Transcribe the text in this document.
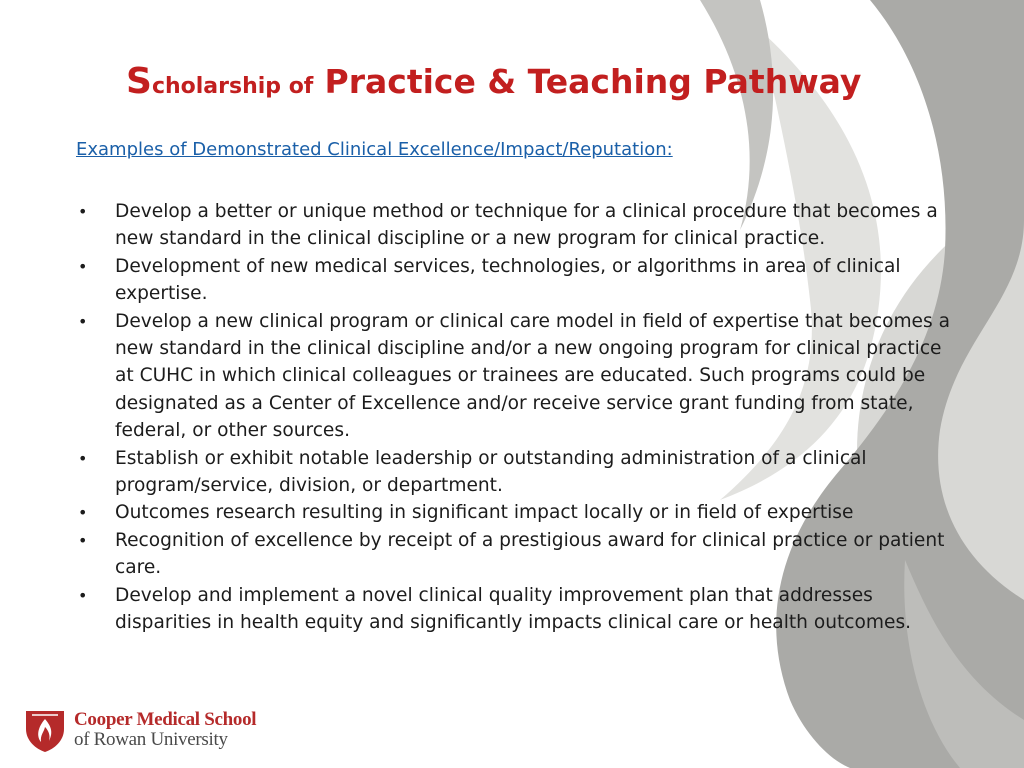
Scholarship of Practice & Teaching Pathway

Examples of Demonstrated Clinical Excellence/Impact/Reputation:

• Develop a better or unique method or technique for a clinical procedure that becomes a new standard in the clinical discipline or a new program for clinical practice.
• Development of new medical services, technologies, or algorithms in area of clinical expertise.
• Develop a new clinical program or clinical care model in field of expertise that becomes a new standard in the clinical discipline and/or a new ongoing program for clinical practice at CUHC in which clinical colleagues or trainees are educated. Such programs could be designated as a Center of Excellence and/or receive service grant funding from state, federal, or other sources.
• Establish or exhibit notable leadership or outstanding administration of a clinical program/service, division, or department.
• Outcomes research resulting in significant impact locally or in field of expertise
• Recognition of excellence by receipt of a prestigious award for clinical practice or patient care.
• Develop and implement a novel clinical quality improvement plan that addresses disparities in health equity and significantly impacts clinical care or health outcomes.
Cooper Medical School
of Rowan University
